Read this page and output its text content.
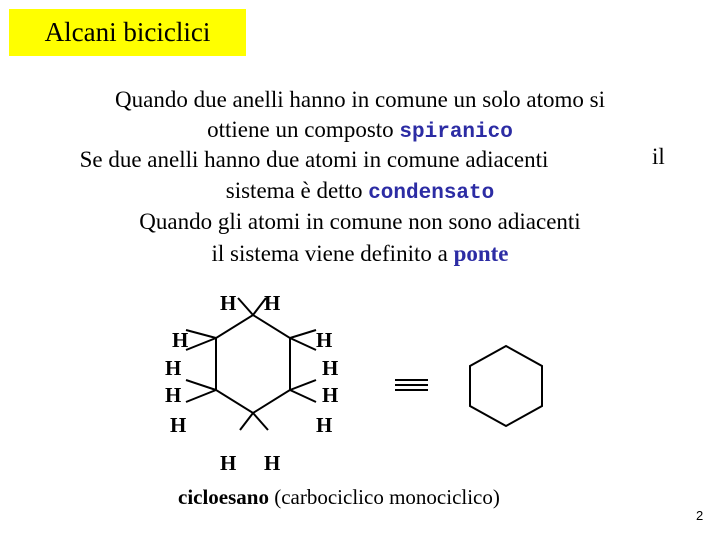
Alcani biciclici
Quando due anelli hanno in comune un solo atomo si
ottiene un composto spiranico
Se due anelli hanno due atomi in comune adiacenti	il
sistema è detto condensato
Quando gli atomi in comune non sono adiacenti
il sistema viene definito a ponte
H H
H
H
H
H
H
H
H
H
H H
cicloesano (carbociclico monociclico)
2
